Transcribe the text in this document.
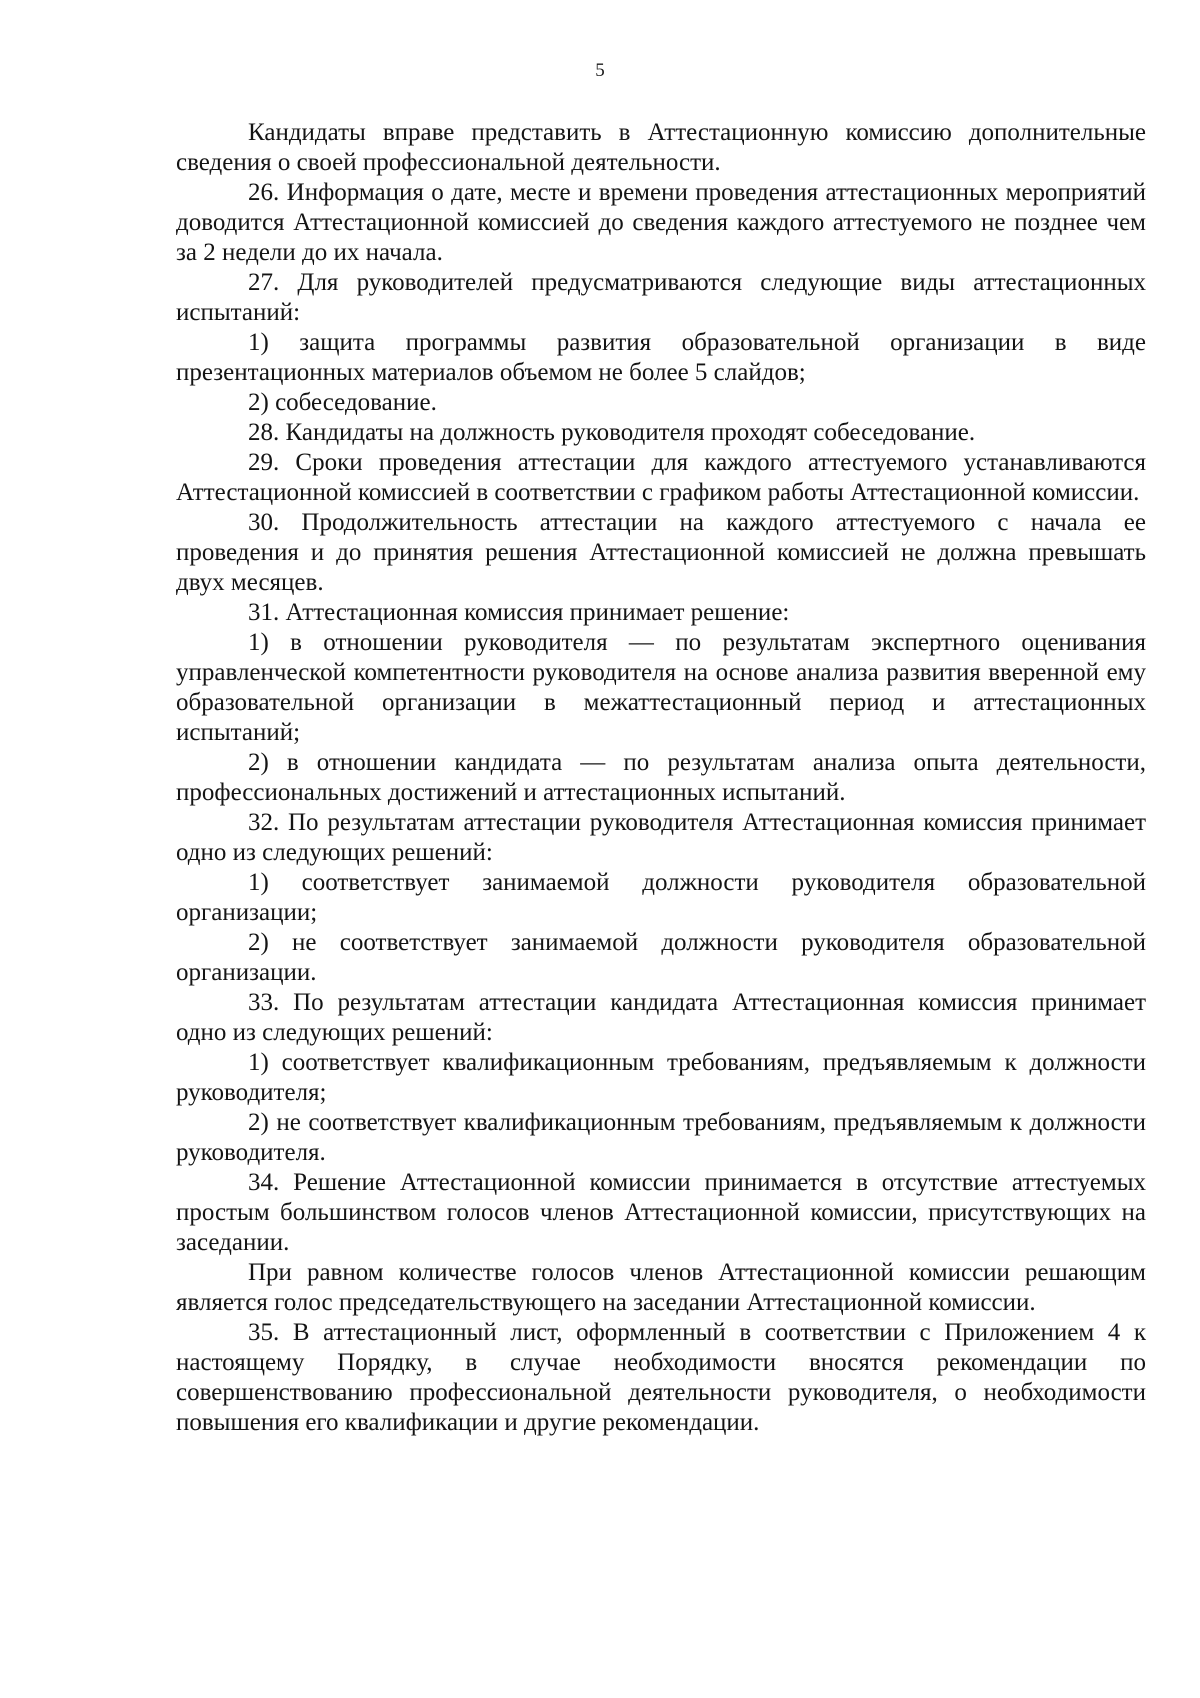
5

Кандидаты вправе представить в Аттестационную комиссию дополнительные сведения о своей профессиональной деятельности.

26. Информация о дате, месте и времени проведения аттестационных мероприятий доводится Аттестационной комиссией до сведения каждого аттестуемого не позднее чем за 2 недели до их начала.

27. Для руководителей предусматриваются следующие виды аттестационных испытаний:

1) защита программы развития образовательной организации в виде презентационных материалов объемом не более 5 слайдов;

2) собеседование.

28. Кандидаты на должность руководителя проходят собеседование.

29. Сроки проведения аттестации для каждого аттестуемого устанавливаются Аттестационной комиссией в соответствии с графиком работы Аттестационной комиссии.

30. Продолжительность аттестации на каждого аттестуемого с начала ее проведения и до принятия решения Аттестационной комиссией не должна превышать двух месяцев.

31. Аттестационная комиссия принимает решение:

1) в отношении руководителя — по результатам экспертного оценивания управленческой компетентности руководителя на основе анализа развития вверенной ему образовательной организации в межаттестационный период и аттестационных испытаний;

2) в отношении кандидата — по результатам анализа опыта деятельности, профессиональных достижений и аттестационных испытаний.

32. По результатам аттестации руководителя Аттестационная комиссия принимает одно из следующих решений:

1) соответствует занимаемой должности руководителя образовательной организации;

2) не соответствует занимаемой должности руководителя образовательной организации.

33. По результатам аттестации кандидата Аттестационная комиссия принимает одно из следующих решений:

1) соответствует квалификационным требованиям, предъявляемым к должности руководителя;

2) не соответствует квалификационным требованиям, предъявляемым к должности руководителя.

34. Решение Аттестационной комиссии принимается в отсутствие аттестуемых простым большинством голосов членов Аттестационной комиссии, присутствующих на заседании.

При равном количестве голосов членов Аттестационной комиссии решающим является голос председательствующего на заседании Аттестационной комиссии.

35. В аттестационный лист, оформленный в соответствии с Приложением 4 к настоящему Порядку, в случае необходимости вносятся рекомендации по совершенствованию профессиональной деятельности руководителя, о необходимости повышения его квалификации и другие рекомендации.
